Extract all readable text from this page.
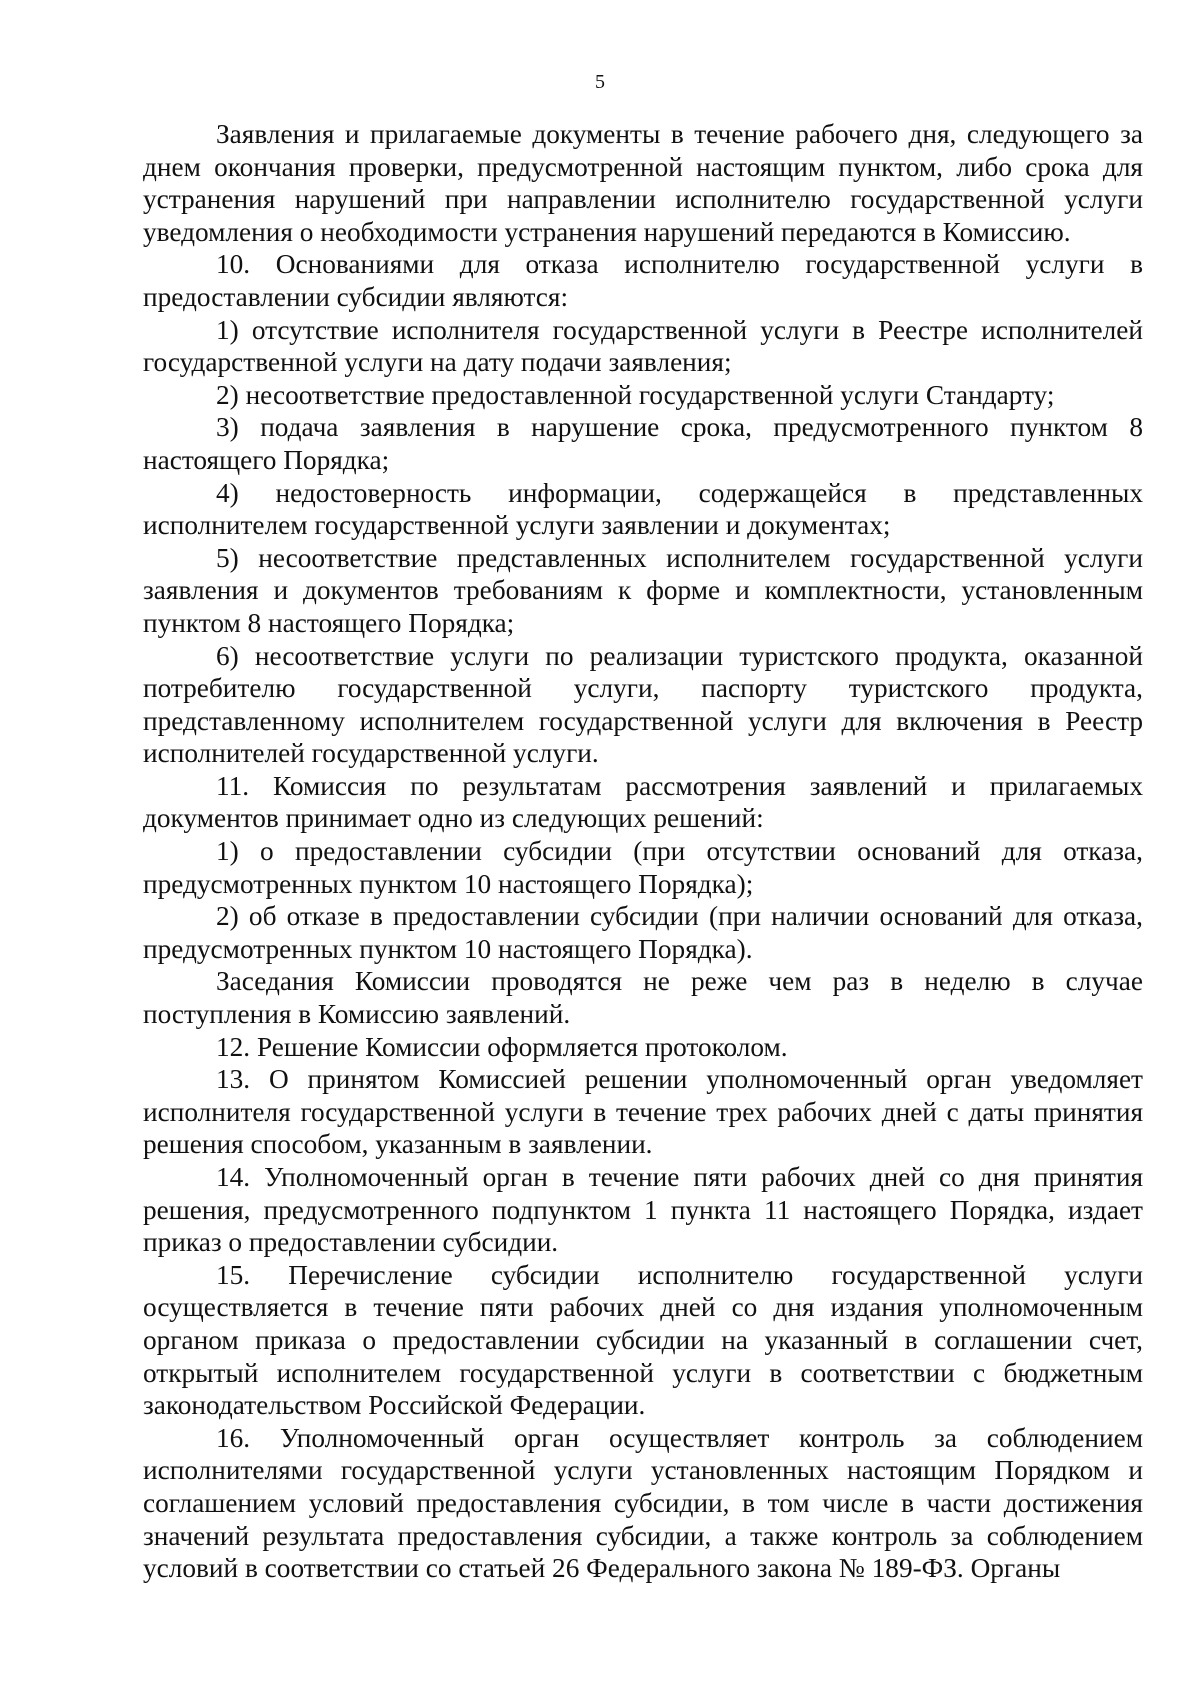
5

Заявления и прилагаемые документы в течение рабочего дня, следующего за днем окончания проверки, предусмотренной настоящим пунктом, либо срока для устранения нарушений при направлении исполнителю государственной услуги уведомления о необходимости устранения нарушений передаются в Комиссию.

10. Основаниями для отказа исполнителю государственной услуги в предоставлении субсидии являются:

1) отсутствие исполнителя государственной услуги в Реестре исполнителей государственной услуги на дату подачи заявления;

2) несоответствие предоставленной государственной услуги Стандарту;

3) подача заявления в нарушение срока, предусмотренного пунктом 8 настоящего Порядка;

4) недостоверность информации, содержащейся в представленных исполнителем государственной услуги заявлении и документах;

5) несоответствие представленных исполнителем государственной услуги заявления и документов требованиям к форме и комплектности, установленным пунктом 8 настоящего Порядка;

6) несоответствие услуги по реализации туристского продукта, оказанной потребителю государственной услуги, паспорту туристского продукта, представленному исполнителем государственной услуги для включения в Реестр исполнителей государственной услуги.

11. Комиссия по результатам рассмотрения заявлений и прилагаемых документов принимает одно из следующих решений:

1) о предоставлении субсидии (при отсутствии оснований для отказа, предусмотренных пунктом 10 настоящего Порядка);

2) об отказе в предоставлении субсидии (при наличии оснований для отказа, предусмотренных пунктом 10 настоящего Порядка).

Заседания Комиссии проводятся не реже чем раз в неделю в случае поступления в Комиссию заявлений.

12. Решение Комиссии оформляется протоколом.

13. О принятом Комиссией решении уполномоченный орган уведомляет исполнителя государственной услуги в течение трех рабочих дней с даты принятия решения способом, указанным в заявлении.

14. Уполномоченный орган в течение пяти рабочих дней со дня принятия решения, предусмотренного подпунктом 1 пункта 11 настоящего Порядка, издает приказ о предоставлении субсидии.

15. Перечисление субсидии исполнителю государственной услуги осуществляется в течение пяти рабочих дней со дня издания уполномоченным органом приказа о предоставлении субсидии на указанный в соглашении счет, открытый исполнителем государственной услуги в соответствии с бюджетным законодательством Российской Федерации.

16. Уполномоченный орган осуществляет контроль за соблюдением исполнителями государственной услуги установленных настоящим Порядком и соглашением условий предоставления субсидии, в том числе в части достижения значений результата предоставления субсидии, а также контроль за соблюдением условий в соответствии со статьей 26 Федерального закона № 189-ФЗ. Органы
